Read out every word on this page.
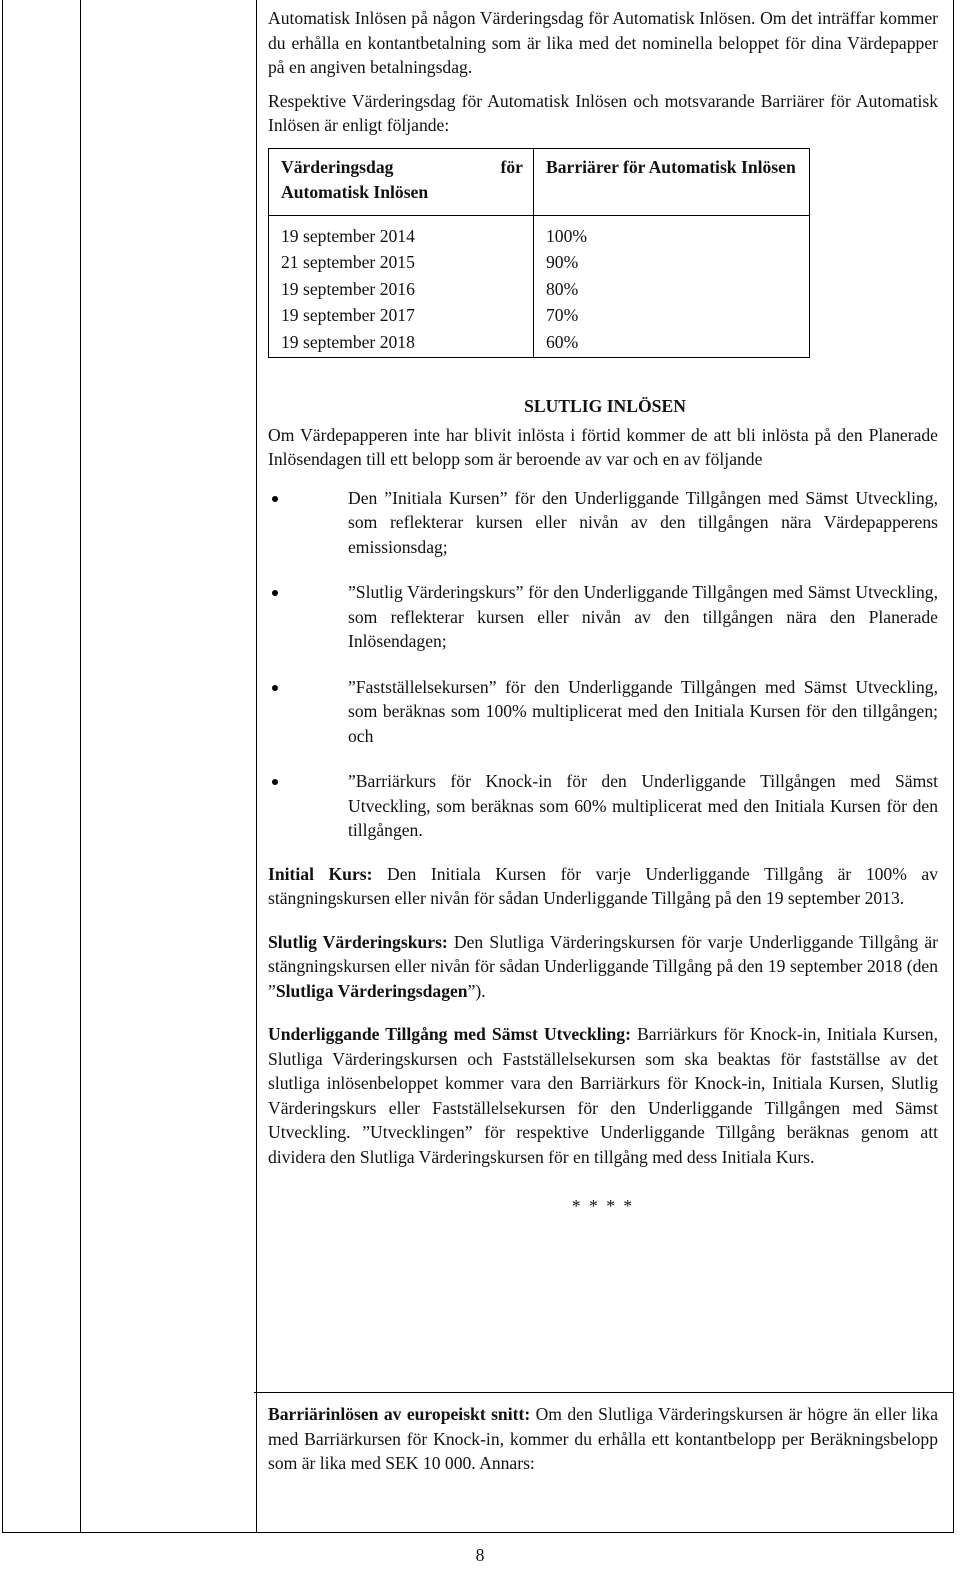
Automatisk Inlösen på någon Värderingsdag för Automatisk Inlösen. Om det inträffar kommer du erhålla en kontantbetalning som är lika med det nominella beloppet för dina Värdepapper på en angiven betalningsdag.

Respektive Värderingsdag för Automatisk Inlösen och motsvarande Barriärer för Automatisk Inlösen är enligt följande:

Värderingsdag för
Automatisk Inlösen	Barriärer för Automatisk Inlösen
19 september 2014	100%
21 september 2015	90%
19 september 2016	80%
19 september 2017	70%
19 september 2018	60%
SLUTLIG INLÖSEN

Om Värdepapperen inte har blivit inlösta i förtid kommer de att bli inlösta på den Planerade Inlösendagen till ett belopp som är beroende av var och en av följande

Den ”Initiala Kursen” för den Underliggande Tillgången med Sämst Utveckling, som reflekterar kursen eller nivån av den tillgången nära Värdepapperens emissionsdag;
”Slutlig Värderingskurs” för den Underliggande Tillgången med Sämst Utveckling, som reflekterar kursen eller nivån av den tillgången nära den Planerade Inlösendagen;
”Fastställelsekursen” för den Underliggande Tillgången med Sämst Utveckling, som beräknas som 100% multiplicerat med den Initiala Kursen för den tillgången; och
”Barriärkurs för Knock-in för den Underliggande Tillgången med Sämst Utveckling, som beräknas som 60% multiplicerat med den Initiala Kursen för den tillgången.

Initial Kurs: Den Initiala Kursen för varje Underliggande Tillgång är 100% av stängningskursen eller nivån för sådan Underliggande Tillgång på den 19 september 2013.

Slutlig Värderingskurs: Den Slutliga Värderingskursen för varje Underliggande Tillgång är stängningskursen eller nivån för sådan Underliggande Tillgång på den 19 september 2018 (den ”Slutliga Värderingsdagen”).

Underliggande Tillgång med Sämst Utveckling: Barriärkurs för Knock-in, Initiala Kursen, Slutliga Värderingskursen och Fastställelsekursen som ska beaktas för fastställse av det slutliga inlösenbeloppet kommer vara den Barriärkurs för Knock-in, Initiala Kursen, Slutlig Värderingskurs eller Fastställelsekursen för den Underliggande Tillgången med Sämst Utveckling. ”Utvecklingen” för respektive Underliggande Tillgång beräknas genom att dividera den Slutliga Värderingskursen för en tillgång med dess Initiala Kurs.

* * * *

Barriärinlösen av europeiskt snitt: Om den Slutliga Värderingskursen är högre än eller lika med Barriärkursen för Knock-in, kommer du erhålla ett kontantbelopp per Beräkningsbelopp som är lika med SEK 10 000. Annars:

8
